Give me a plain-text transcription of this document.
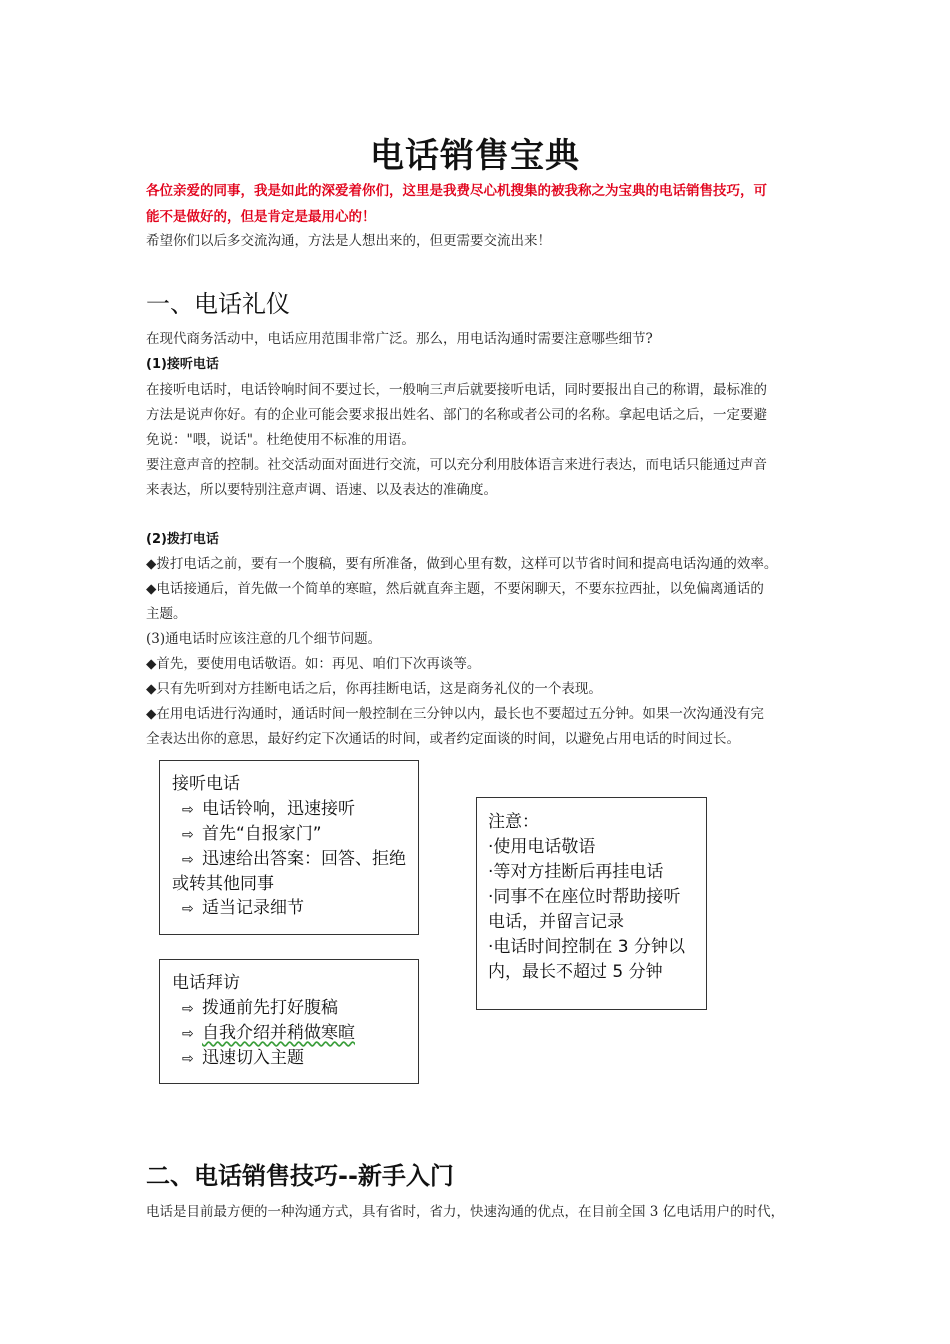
电话销售宝典
各位亲爱的同事，我是如此的深爱着你们，这里是我费尽心机搜集的被我称之为宝典的电话销售技巧，可
能不是做好的，但是肯定是最用心的！
希望你们以后多交流沟通，方法是人想出来的，但更需要交流出来！
一、电话礼仪
在现代商务活动中，电话应用范围非常广泛。那么，用电话沟通时需要注意哪些细节?
(1)接听电话
在接听电话时，电话铃响时间不要过长，一般响三声后就要接听电话，同时要报出自己的称谓，最标准的
方法是说声你好。有的企业可能会要求报出姓名、部门的名称或者公司的名称。拿起电话之后，一定要避
免说："喂，说话"。杜绝使用不标准的用语。
要注意声音的控制。社交活动面对面进行交流，可以充分利用肢体语言来进行表达，而电话只能通过声音
来表达，所以要特别注意声调、语速、以及表达的准确度。
(2)拨打电话
◆拨打电话之前，要有一个腹稿，要有所准备，做到心里有数，这样可以节省时间和提高电话沟通的效率。
◆电话接通后，首先做一个简单的寒暄，然后就直奔主题，不要闲聊天，不要东拉西扯，以免偏离通话的
主题。
(3)通电话时应该注意的几个细节问题。
◆首先，要使用电话敬语。如：再见、咱们下次再谈等。
◆只有先听到对方挂断电话之后，你再挂断电话，这是商务礼仪的一个表现。
◆在用电话进行沟通时，通话时间一般控制在三分钟以内，最长也不要超过五分钟。如果一次沟通没有完
全表达出你的意思，最好约定下次通话的时间，或者约定面谈的时间，以避免占用电话的时间过长。
接听电话
⇨ 电话铃响，迅速接听
⇨ 首先“自报家门”
⇨ 迅速给出答案：回答、拒绝
或转其他同事
⇨ 适当记录细节
电话拜访
⇨ 拨通前先打好腹稿
⇨ 自我介绍并稍做寒暄
⇨ 迅速切入主题
注意：
·使用电话敬语
·等对方挂断后再挂电话
·同事不在座位时帮助接听
电话，并留言记录
·电话时间控制在 3 分钟以
内，最长不超过 5 分钟
二、电话销售技巧--新手入门
电话是目前最方便的一种沟通方式，具有省时，省力，快速沟通的优点，在目前全国 3 亿电话用户的时代，
